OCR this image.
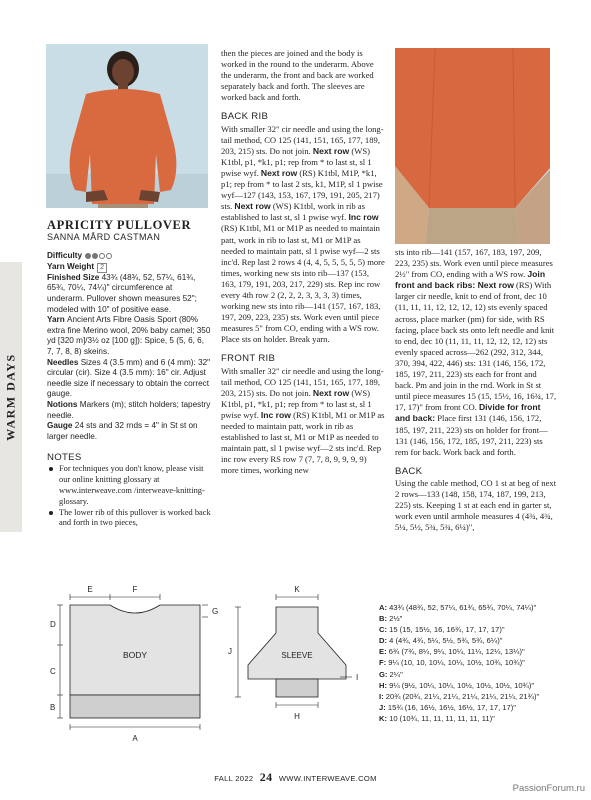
WARM DAYS
APRICITY PULLOVER
SANNA MÅRD CASTMAN

Difficulty

Yarn Weight 2

Finished Size 43¾ (48¾, 52, 57¼, 61¾, 65¾, 70¼, 74¼)" circumference at underarm. Pullover shown measures 52"; modeled with 10" of positive ease.

Yarn Ancient Arts Fibre Oasis Sport (80% extra fine Merino wool, 20% baby camel; 350 yd [320 m]/3½ oz [100 g]): Spice, 5 (5, 6, 6, 7, 7, 8, 8) skeins.

Needles Sizes 4 (3.5 mm) and 6 (4 mm): 32" circular (cir). Size 4 (3.5 mm): 16" cir. Adjust needle size if necessary to obtain the correct gauge.

Notions Markers (m); stitch holders; tapestry needle.

Gauge 24 sts and 32 rnds = 4" in St st on larger needle.

NOTES
For techniques you don't know, please visit our online knitting glossary at www.interweave.com /interweave-knitting-glossary.
The lower rib of this pullover is worked back and forth in two pieces,

then the pieces are joined and the body is worked in the round to the underarm. Above the underarm, the front and back are worked separately back and forth. The sleeves are worked back and forth.

BACK RIB

With smaller 32" cir needle and using the long-tail method, CO 125 (141, 151, 165, 177, 189, 203, 215) sts. Do not join. Next row (WS) K1tbl, p1, *k1, p1; rep from * to last st, sl 1 pwise wyf. Next row (RS) K1tbl, M1P, *k1, p1; rep from * to last 2 sts, k1, M1P, sl 1 pwise wyf—127 (143, 153, 167, 179, 191, 205, 217) sts. Next row (WS) K1tbl, work in rib as established to last st, sl 1 pwise wyf. Inc row (RS) K1tbl, M1 or M1P as needed to maintain patt, work in rib to last st, M1 or M1P as needed to maintain patt, sl 1 pwise wyf—2 sts inc'd. Rep last 2 rows 4 (4, 4, 5, 5, 5, 5, 5) more times, working new sts into rib—137 (153, 163, 179, 191, 203, 217, 229) sts. Rep inc row every 4th row 2 (2, 2, 2, 3, 3, 3, 3) times, working new sts into rib—141 (157, 167, 183, 197, 209, 223, 235) sts. Work even until piece measures 5" from CO, ending with a WS row. Place sts on holder. Break yarn.

FRONT RIB

With smaller 32" cir needle and using the long-tail method, CO 125 (141, 151, 165, 177, 189, 203, 215) sts. Do not join. Next row (WS) K1tbl, p1, *k1, p1; rep from * to last st, sl 1 pwise wyf. Inc row (RS) K1tbl, M1 or M1P as needed to maintain patt, work in rib as established to last st, M1 or M1P as needed to maintain patt, sl 1 pwise wyf—2 sts inc'd. Rep inc row every RS row 7 (7, 7, 8, 9, 9, 9, 9) more times, working new

sts into rib—141 (157, 167, 183, 197, 209, 223, 235) sts. Work even until piece measures 2½" from CO, ending with a WS row. Join front and back ribs: Next row (RS) With larger cir needle, knit to end of front, dec 10 (11, 11, 11, 12, 12, 12, 12) sts evenly spaced across, place marker (pm) for side, with RS facing, place back sts onto left needle and knit to end, dec 10 (11, 11, 11, 12, 12, 12, 12) sts evenly spaced across—262 (292, 312, 344, 370, 394, 422, 446) sts: 131 (146, 156, 172, 185, 197, 211, 223) sts each for front and back. Pm and join in the rnd. Work in St st until piece measures 15 (15, 15½, 16, 16¾, 17, 17, 17)" from front CO. Divide for front and back: Place first 131 (146, 156, 172, 185, 197, 211, 223) sts on holder for front—131 (146, 156, 172, 185, 197, 211, 223) sts rem for back. Work back and forth.

BACK

Using the cable method, CO 1 st at beg of next 2 rows—133 (148, 158, 174, 187, 199, 213, 225) sts. Keeping 1 st at each end in garter st, work even until armhole measures 4 (4¾, 4¾, 5¼, 5½, 5¾, 5¾, 6¼)",

BODY
E	F
G
D
C
B
A
SLEEVE
K
J
I
H
A: 43¾ (48¾, 52, 57¼, 61¾, 65¾, 70¼, 74¼)"
B: 2½"
C: 15 (15, 15½, 16, 16¾, 17, 17, 17)"
D: 4 (4¾, 4¾, 5¼, 5½, 5¾, 5¾, 6¼)"
E: 6¾ (7¾, 8¼, 9¼, 10¼, 11¼, 12¼, 13¼)"
F: 9¼ (10, 10, 10¼, 10¼, 10½, 10¾, 10¾)"
G: 2¼"
H: 9¼ (9½, 10¼, 10¼, 10½, 10½, 10½, 10¾)"
I: 20¾ (20¾, 21¼, 21¼, 21¼, 21¼, 21¼, 21¾)"
J: 15¾ (16, 16½, 16½, 16½, 17, 17, 17)"
K: 10 (10¾, 11, 11, 11, 11, 11, 11)"
FALL 2022 24 WWW.INTERWEAVE.COM
PassionForum.ru
